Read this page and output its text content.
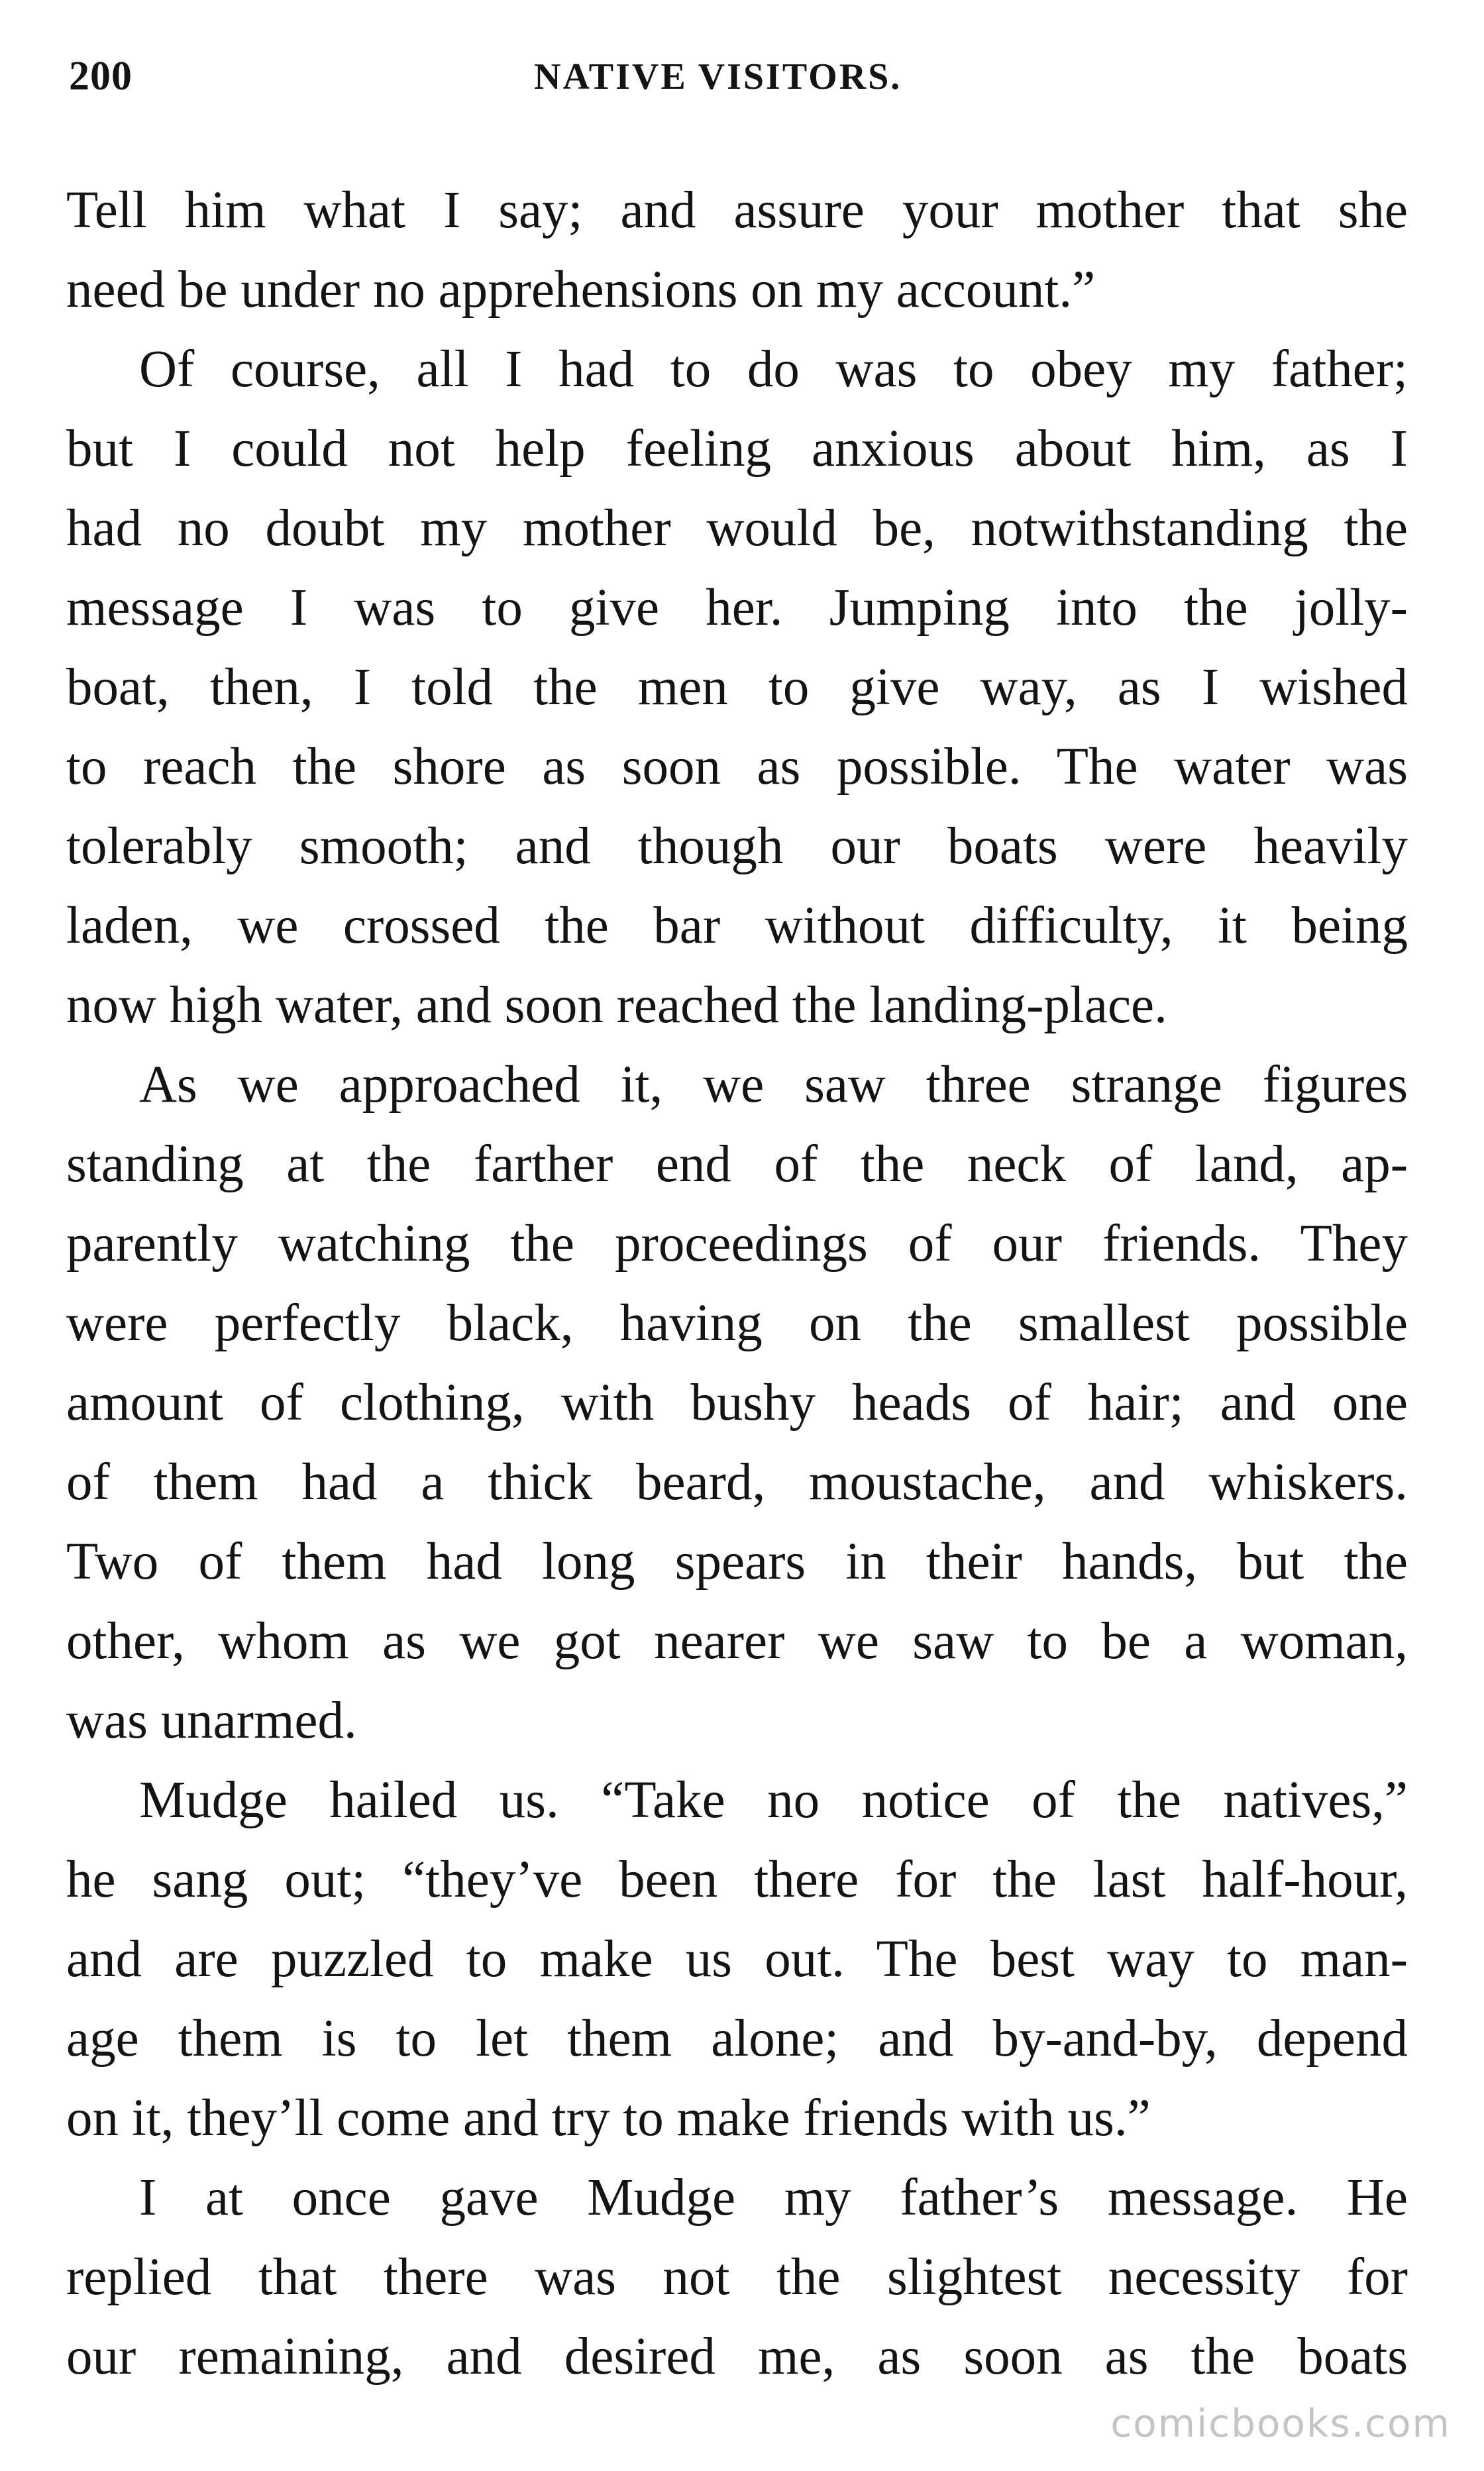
200	NATIVE VISITORS.
Tell him what I say; and assure your mother that she
need be under no apprehensions on my account.”
Of course, all I had to do was to obey my father;
but I could not help feeling anxious about him, as I
had no doubt my mother would be, notwithstanding the
message I was to give her. Jumping into the jolly-
boat, then, I told the men to give way, as I wished
to reach the shore as soon as possible. The water was
tolerably smooth; and though our boats were heavily
laden, we crossed the bar without difficulty, it being
now high water, and soon reached the landing-place.
As we approached it, we saw three strange figures
standing at the farther end of the neck of land, ap-
parently watching the proceedings of our friends. They
were perfectly black, having on the smallest possible
amount of clothing, with bushy heads of hair; and one
of them had a thick beard, moustache, and whiskers.
Two of them had long spears in their hands, but the
other, whom as we got nearer we saw to be a woman,
was unarmed.
Mudge hailed us. “Take no notice of the natives,”
he sang out; “they’ve been there for the last half-hour,
and are puzzled to make us out. The best way to man-
age them is to let them alone; and by-and-by, depend
on it, they’ll come and try to make friends with us.”
I at once gave Mudge my father’s message. He
replied that there was not the slightest necessity for
our remaining, and desired me, as soon as the boats
comicbooks.com
